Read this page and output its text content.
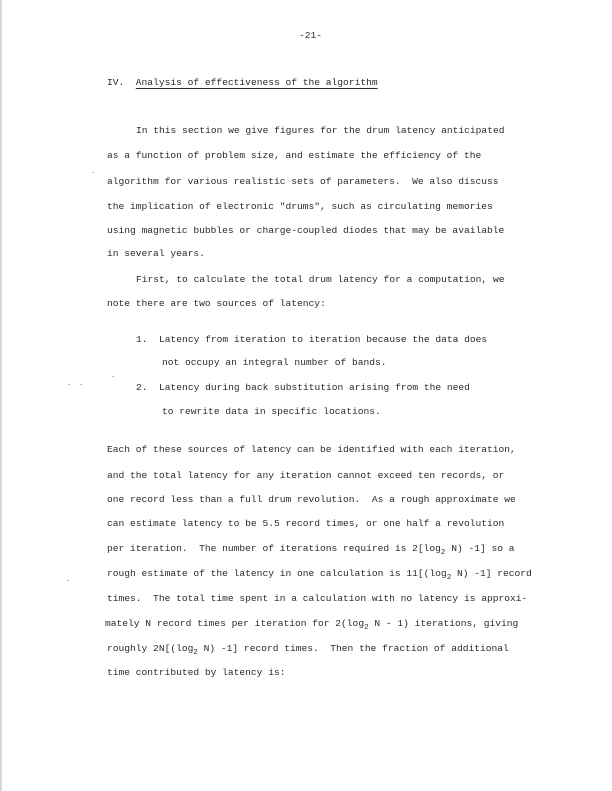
-21-
IV. Analysis of effectiveness of the algorithm
In this section we give figures for the drum latency anticipated
as a function of problem size, and estimate the efficiency of the
algorithm for various realistic sets of parameters.  We also discuss
the implication of electronic "drums", such as circulating memories
using magnetic bubbles or charge-coupled diodes that may be available
in several years.
First, to calculate the total drum latency for a computation, we
note there are two sources of latency:
1. Latency from iteration to iteration because the data does
not occupy an integral number of bands.
2. Latency during back substitution arising from the need
to rewrite data in specific locations.
Each of these sources of latency can be identified with each iteration,
and the total latency for any iteration cannot exceed ten records, or
one record less than a full drum revolution.  As a rough approximate we
can estimate latency to be 5.5 record times, or one half a revolution
per iteration.  The number of iterations required is $2[\log_2$ N) -1] so a
rough estimate of the latency in one calculation is $11[(\log_2$ N) -1] record
times.  The total time spent in a calculation with no latency is approxi-
mately N record times per iteration for $2(\log_2$ N - 1) iterations, giving
roughly $2N[(\log_2$ N) -1] record times.  Then the fraction of additional
time contributed by latency is:
